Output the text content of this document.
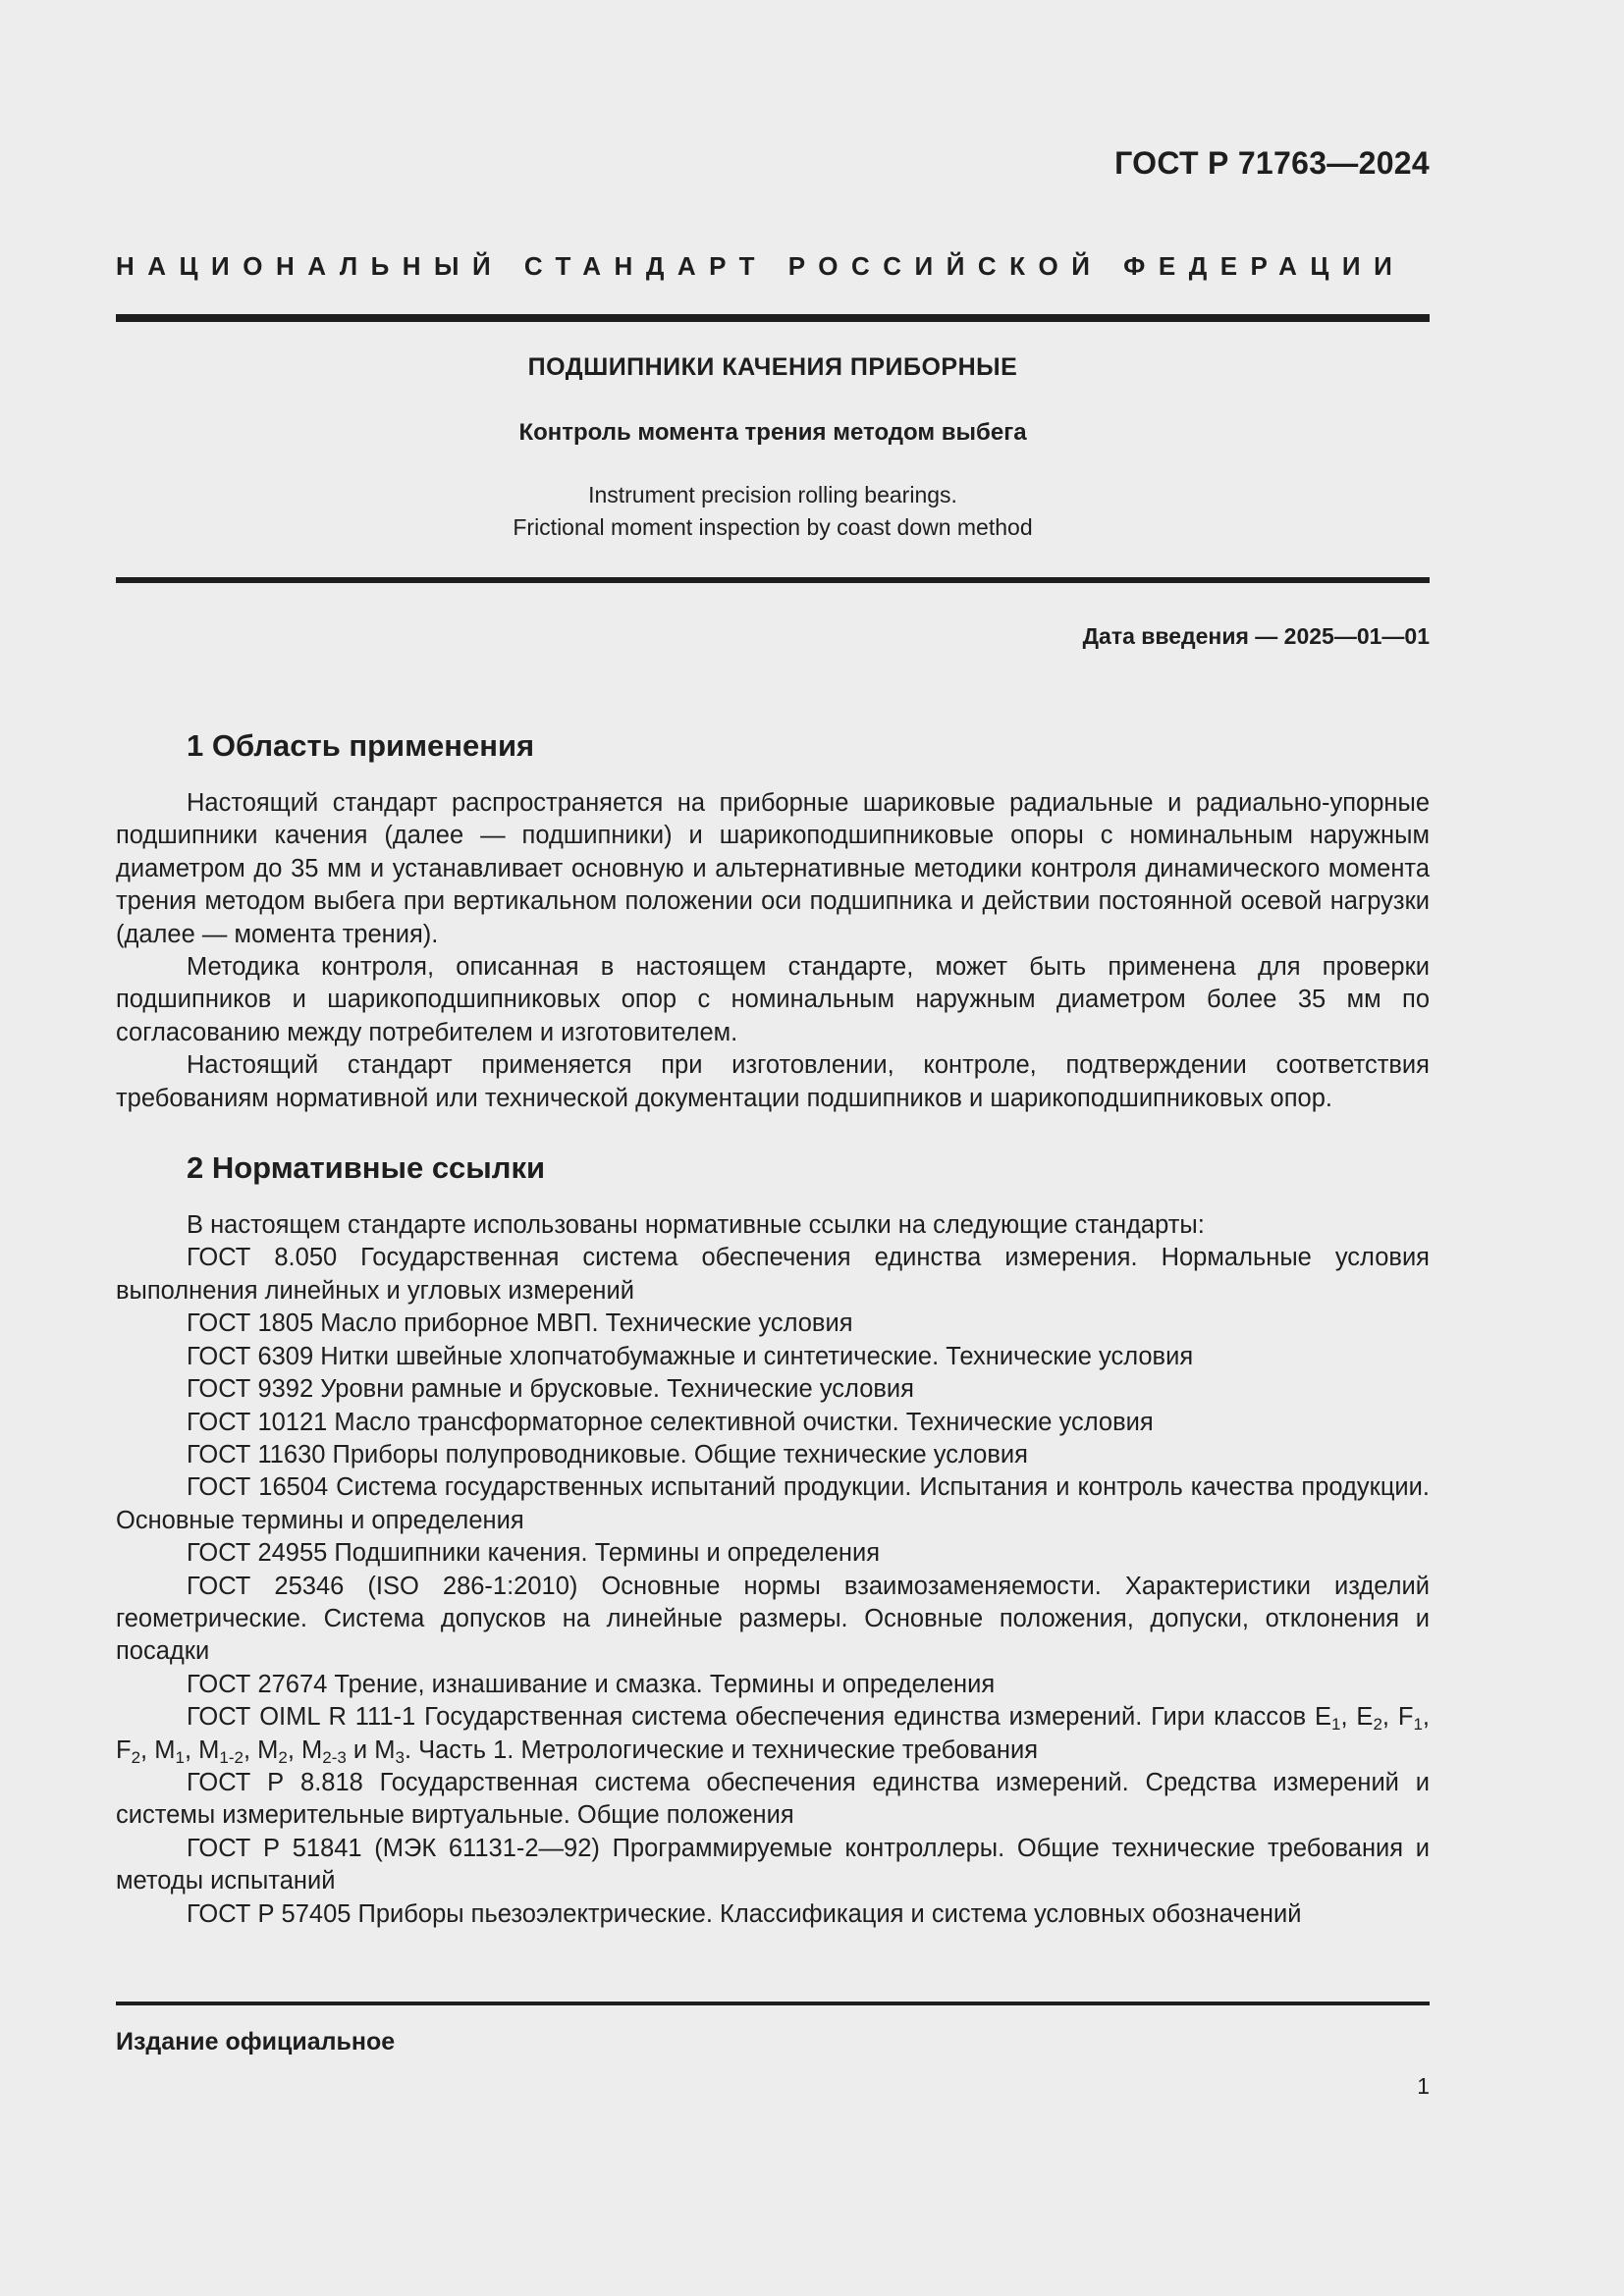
ГОСТ Р 71763—2024
НАЦИОНАЛЬНЫЙ СТАНДАРТ РОССИЙСКОЙ ФЕДЕРАЦИИ
ПОДШИПНИКИ КАЧЕНИЯ ПРИБОРНЫЕ
Контроль момента трения методом выбега
Instrument precision rolling bearings.
Frictional moment inspection by coast down method
Дата введения — 2025—01—01
1 Область применения

Настоящий стандарт распространяется на приборные шариковые радиальные и радиально-упорные подшипники качения (далее — подшипники) и шарикоподшипниковые опоры с номинальным наружным диаметром до 35 мм и устанавливает основную и альтернативные методики контроля динамического момента трения методом выбега при вертикальном положении оси подшипника и действии постоянной осевой нагрузки (далее — момента трения).

Методика контроля, описанная в настоящем стандарте, может быть применена для проверки подшипников и шарикоподшипниковых опор с номинальным наружным диаметром более 35 мм по согласованию между потребителем и изготовителем.

Настоящий стандарт применяется при изготовлении, контроле, подтверждении соответствия требованиям нормативной или технической документации подшипников и шарикоподшипниковых опор.

2 Нормативные ссылки

В настоящем стандарте использованы нормативные ссылки на следующие стандарты:

ГОСТ 8.050 Государственная система обеспечения единства измерения. Нормальные условия выполнения линейных и угловых измерений

ГОСТ 1805 Масло приборное МВП. Технические условия

ГОСТ 6309 Нитки швейные хлопчатобумажные и синтетические. Технические условия

ГОСТ 9392 Уровни рамные и брусковые. Технические условия

ГОСТ 10121 Масло трансформаторное селективной очистки. Технические условия

ГОСТ 11630 Приборы полупроводниковые. Общие технические условия

ГОСТ 16504 Система государственных испытаний продукции. Испытания и контроль качества продукции. Основные термины и определения

ГОСТ 24955 Подшипники качения. Термины и определения

ГОСТ 25346 (ISO 286-1:2010) Основные нормы взаимозаменяемости. Характеристики изделий геометрические. Система допусков на линейные размеры. Основные положения, допуски, отклонения и посадки

ГОСТ 27674 Трение, изнашивание и смазка. Термины и определения

ГОСТ OIML R 111-1 Государственная система обеспечения единства измерений. Гири классов $E_1$, $E_2$, $F_1$, $F_2$, $M_1$, $M_{1-2}$, $M_2$, $M_{2-3}$ и $M_3$. Часть 1. Метрологические и технические требования

ГОСТ Р 8.818 Государственная система обеспечения единства измерений. Средства измерений и системы измерительные виртуальные. Общие положения

ГОСТ Р 51841 (МЭК 61131-2—92) Программируемые контроллеры. Общие технические требования и методы испытаний

ГОСТ Р 57405 Приборы пьезоэлектрические. Классификация и система условных обозначений

Издание официальное
1
